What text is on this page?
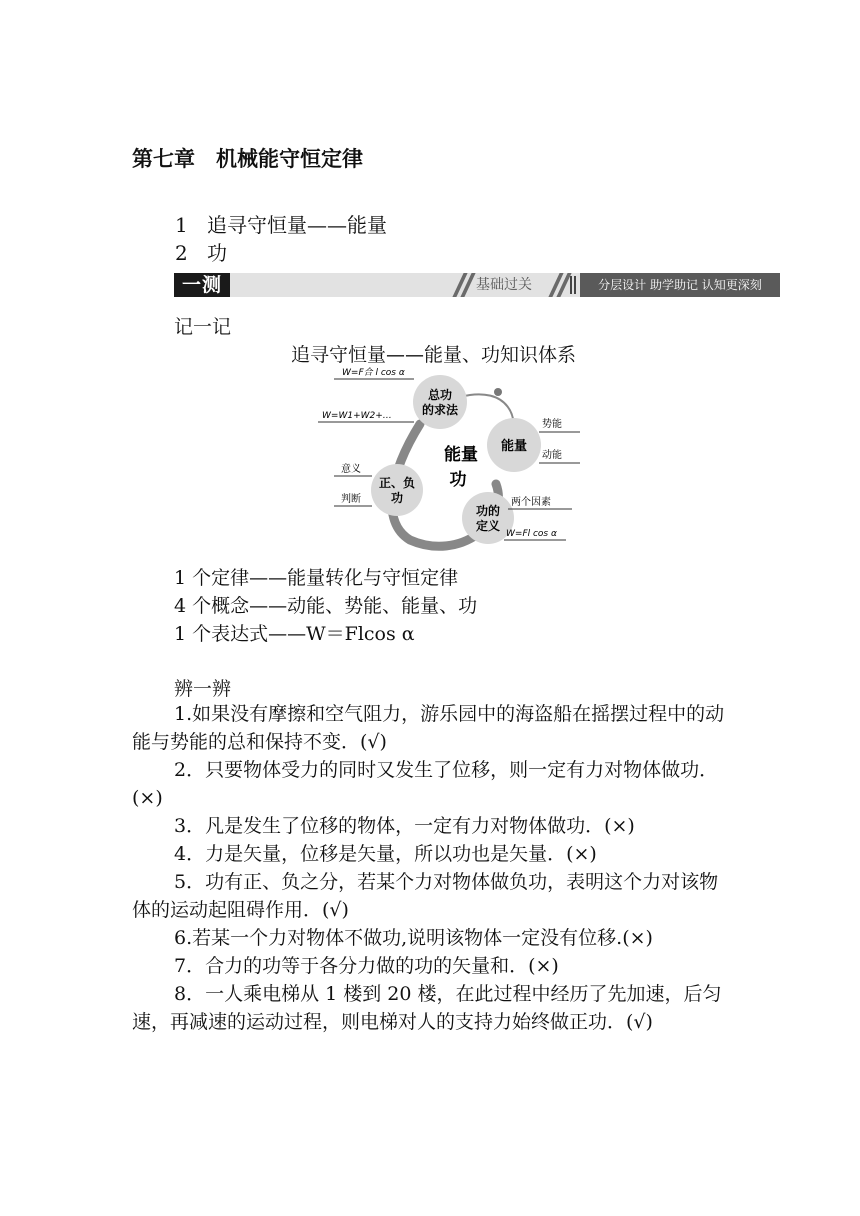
第七章　机械能守恒定律
1 追寻守恒量——能量
2 功
一测	基础过关	分层设计 助学助记 认知更深刻
记一记
追寻守恒量——能量、功知识体系
总功
的求法
能量
正、负
功
功的
定义
能量
功
W=F合 l cos α
W=W1+W2+…
势能
动能
意义
判断	两个因素
W=Fl cos α
1 个定律——能量转化与守恒定律
4 个概念——动能、势能、能量、功
1 个表达式——W＝Flcos α
辨一辨
1.如果没有摩擦和空气阻力，游乐园中的海盗船在摇摆过程中的动能与势能的总和保持不变．(√)
2．只要物体受力的同时又发生了位移，则一定有力对物体做功．(×)
3．凡是发生了位移的物体，一定有力对物体做功．(×)
4．力是矢量，位移是矢量，所以功也是矢量．(×)
5．功有正、负之分，若某个力对物体做负功，表明这个力对该物体的运动起阻碍作用．(√)
6.若某一个力对物体不做功,说明该物体一定没有位移.(×)
7．合力的功等于各分力做的功的矢量和．(×)
8．一人乘电梯从 1 楼到 20 楼，在此过程中经历了先加速，后匀速，再减速的运动过程，则电梯对人的支持力始终做正功．(√)
